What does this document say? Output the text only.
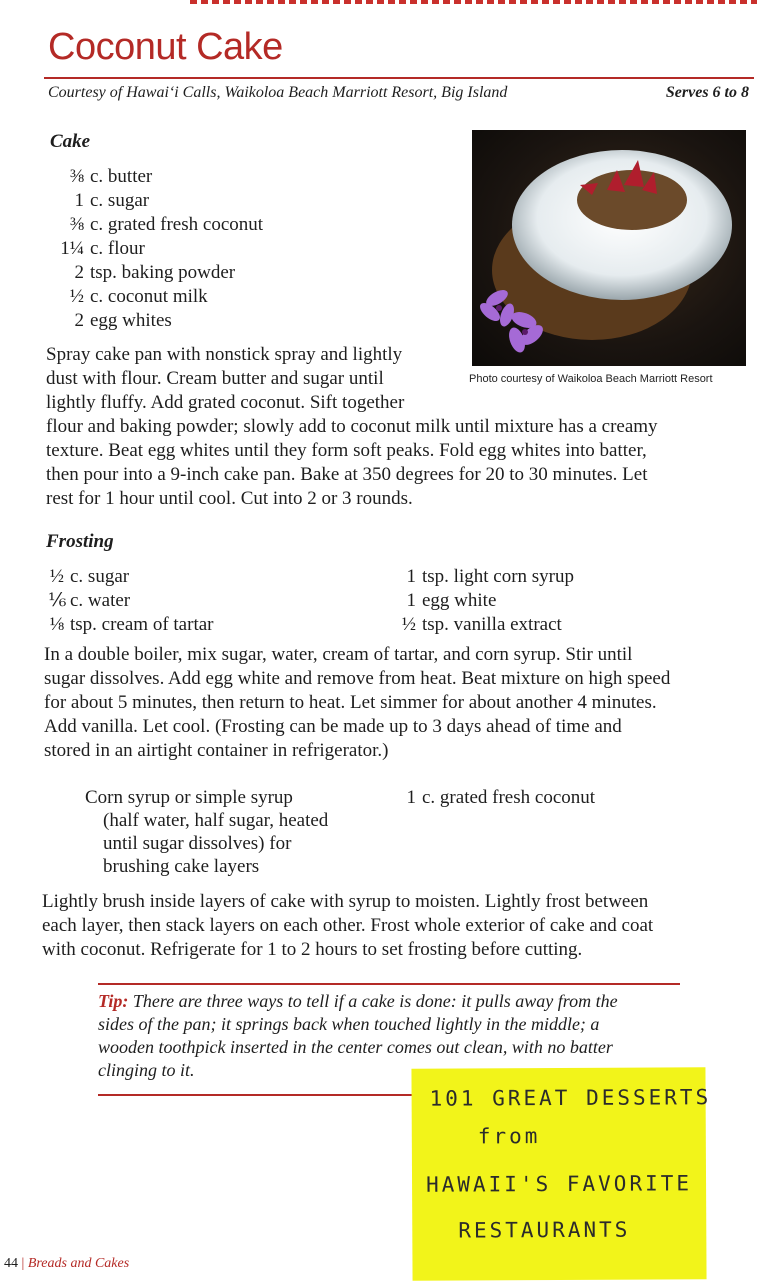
Coconut Cake
Courtesy of Hawai‘i Calls, Waikoloa Beach Marriott Resort, Big Island	Serves 6 to 8
Cake
⅜ c. butter
1 c. sugar
⅜ c. grated fresh coconut
1¼ c. flour
2 tsp. baking powder
½ c. coconut milk
2 egg whites
Photo courtesy of Waikoloa Beach Marriott Resort
Spray cake pan with nonstick spray and lightly
dust with flour. Cream butter and sugar until
lightly fluffy. Add grated coconut. Sift together
flour and baking powder; slowly add to coconut milk until mixture has a creamy
texture. Beat egg whites until they form soft peaks. Fold egg whites into batter,
then pour into a 9-inch cake pan. Bake at 350 degrees for 20 to 30 minutes. Let
rest for 1 hour until cool. Cut into 2 or 3 rounds.
Frosting
½ c. sugar
⅙ c. water
⅛ tsp. cream of tartar
1 tsp. light corn syrup
1 egg white
½ tsp. vanilla extract
In a double boiler, mix sugar, water, cream of tartar, and corn syrup. Stir until
sugar dissolves. Add egg white and remove from heat. Beat mixture on high speed
for about 5 minutes, then return to heat. Let simmer for about another 4 minutes.
Add vanilla. Let cool. (Frosting can be made up to 3 days ahead of time and
stored in an airtight container in refrigerator.)
Corn syrup or simple syrup
(half water, half sugar, heated
until sugar dissolves) for
brushing cake layers
1 c. grated fresh coconut
Lightly brush inside layers of cake with syrup to moisten. Lightly frost between
each layer, then stack layers on each other. Frost whole exterior of cake and coat
with coconut. Refrigerate for 1 to 2 hours to set frosting before cutting.
Tip: There are three ways to tell if a cake is done: it pulls away from the
sides of the pan; it springs back when touched lightly in the middle; a
wooden toothpick inserted in the center comes out clean, with no batter
clinging to it.
101 GREAT DESSERTS
from
HAWAII'S FAVORITE
RESTAURANTS
44 | Breads and Cakes
